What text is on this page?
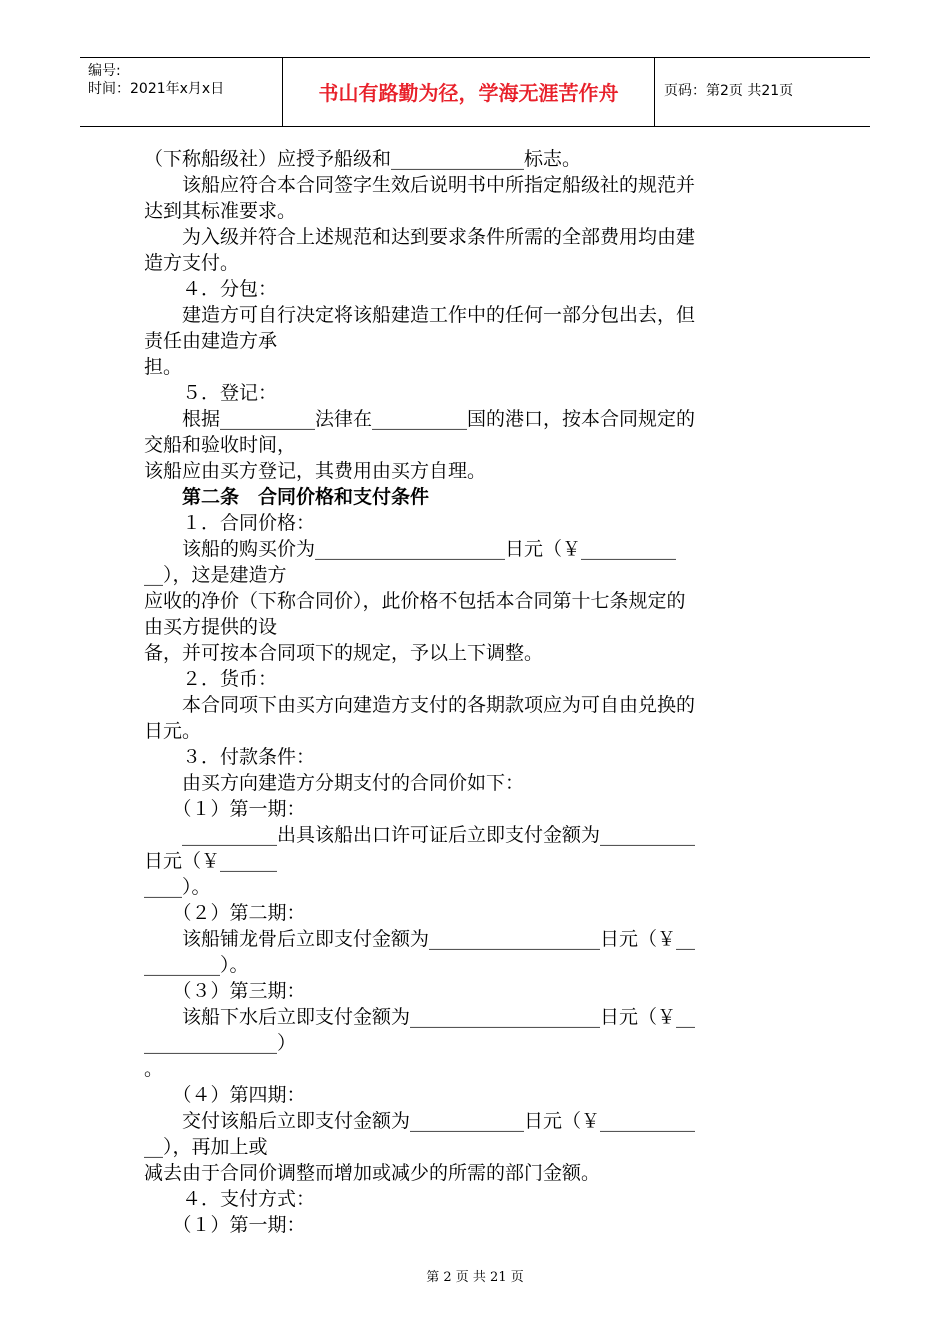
编号:
时间：2021年x月x日	书山有路勤为径，学海无涯苦作舟	页码：第2页 共21页
（下称船级社）应授予船级和______________标志。
　　该船应符合本合同签字生效后说明书中所指定船级社的规范并
达到其标准要求。
　　为入级并符合上述规范和达到要求条件所需的全部费用均由建
造方支付。
　　４．分包：
　　建造方可自行决定将该船建造工作中的任何一部分包出去，但
责任由建造方承
担。
　　５．登记：
　　根据__________法律在__________国的港口，按本合同规定的
交船和验收时间，
该船应由买方登记，其费用由买方自理。
　　第二条　合同价格和支付条件
　　１．合同价格：
　　该船的购买价为____________________日元（￥__________
__），这是建造方
应收的净价（下称合同价），此价格不包括本合同第十七条规定的
由买方提供的设
备，并可按本合同项下的规定，予以上下调整。
　　２．货币：
　　本合同项下由买方向建造方支付的各期款项应为可自由兑换的
日元。
　　３．付款条件：
　　由买方向建造方分期支付的合同价如下：
　　（１）第一期：
　　__________出具该船出口许可证后立即支付金额为__________
日元（￥______
____）。
　　（２）第二期：
　　该船铺龙骨后立即支付金额为__________________日元（￥__
________）。
　　（３）第三期：
　　该船下水后立即支付金额为____________________日元（￥__
______________）
。
　　（４）第四期：
　　交付该船后立即支付金额为____________日元（￥__________
__），再加上或
减去由于合同价调整而增加或减少的所需的部门金额。
　　４．支付方式：
　　（１）第一期：
第 2 页 共 21 页
